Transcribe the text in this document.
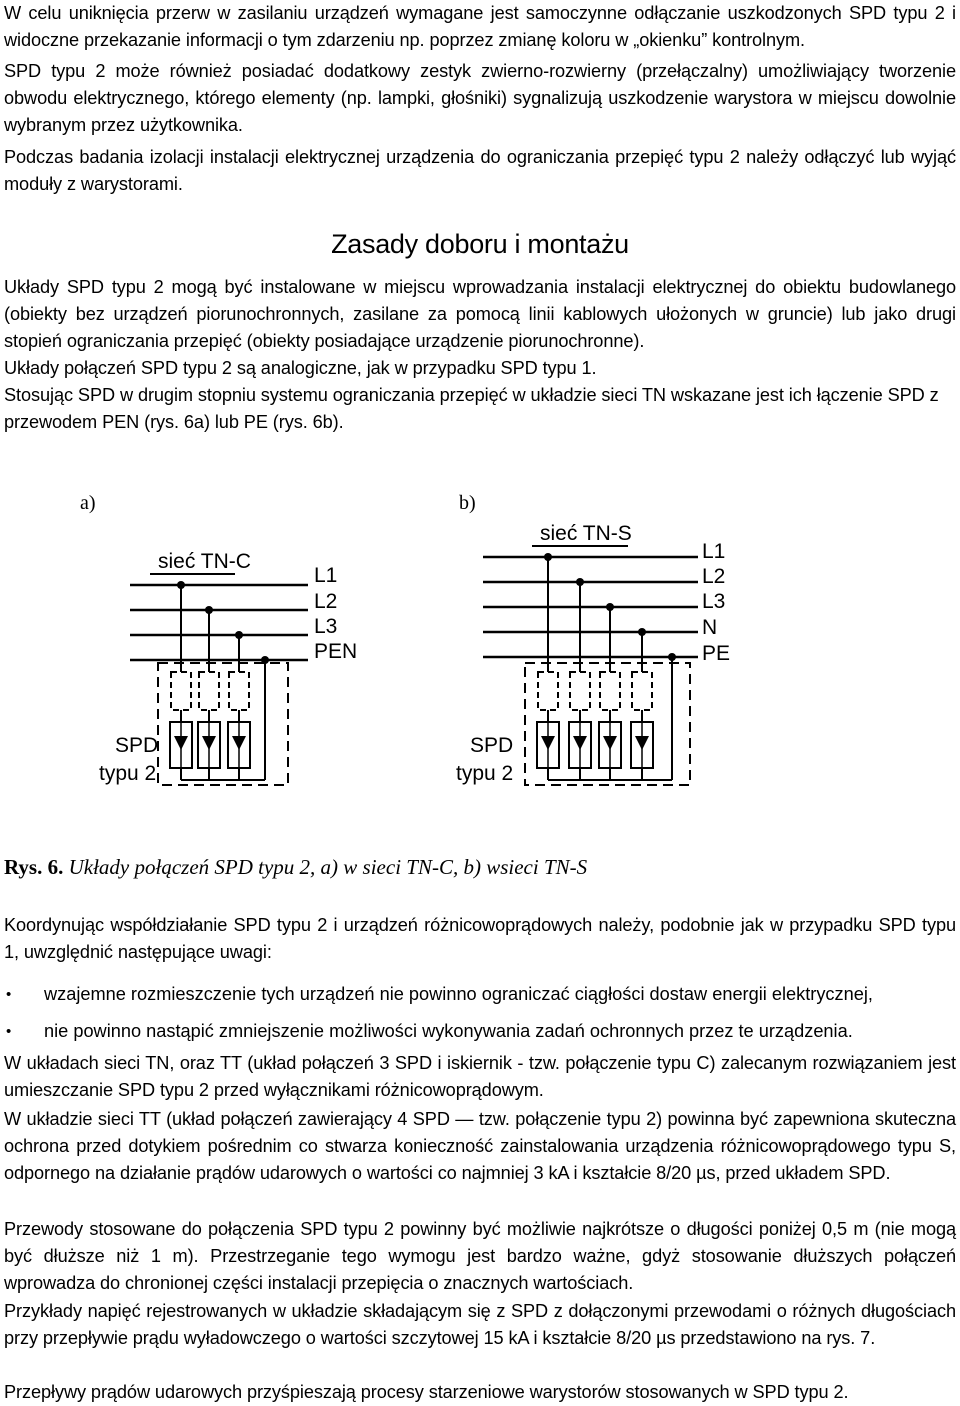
W celu uniknięcia przerw w zasilaniu urządzeń wymagane jest samoczynne odłączanie uszkodzonych SPD typu 2 i widoczne przekazanie informacji o tym zdarzeniu np. poprzez zmianę koloru w „okienku” kontrolnym.
SPD typu 2 może również posiadać dodatkowy zestyk zwierno-rozwierny (przełączalny) umożliwiający tworzenie obwodu elektrycznego, którego elementy (np. lampki, głośniki) sygnalizują uszkodzenie warystora w miejscu dowolnie wybranym przez użytkownika.
Podczas badania izolacji instalacji elektrycznej urządzenia do ograniczania przepięć typu 2 należy odłączyć lub wyjąć moduły z warystorami.
Zasady doboru i montażu
Układy SPD typu 2 mogą być instalowane w miejscu wprowadzania instalacji elektrycznej do obiektu budowlanego (obiekty bez urządzeń piorunochronnych, zasilane za pomocą linii kablowych ułożonych w gruncie) lub jako drugi stopień ograniczania przepięć (obiekty posiadające urządzenie piorunochronne).
Układy połączeń SPD typu 2 są analogiczne, jak w przypadku SPD typu 1.
Stosując SPD w drugim stopniu systemu ograniczania przepięć w układzie sieci TN wskazane jest ich łączenie SPD z przewodem PEN (rys. 6a) lub PE (rys. 6b).
a)	b)
sieć TN-C
L1
L2
L3
PEN
SPD
typu 2
sieć TN-S
L1
L2
L3
N
PE
SPD
typu 2
Rys. 6. Układy połączeń SPD typu 2, a) w sieci TN-C, b) wsieci TN-S
Koordynując współdziałanie SPD typu 2 i urządzeń różnicowoprądowych należy, podobnie jak w przypadku SPD typu 1, uwzględnić następujące uwagi:
• wzajemne rozmieszczenie tych urządzeń nie powinno ograniczać ciągłości dostaw energii elektrycznej,
• nie powinno nastąpić zmniejszenie możliwości wykonywania zadań ochronnych przez te urządzenia.
W układach sieci TN, oraz TT (układ połączeń 3 SPD i iskiernik - tzw. połączenie typu C) zalecanym rozwiązaniem jest umieszczanie SPD typu 2 przed wyłącznikami różnicowoprądowym.
W układzie sieci TT (układ połączeń zawierający 4 SPD — tzw. połączenie typu 2) powinna być zapewniona skuteczna ochrona przed dotykiem pośrednim co stwarza konieczność zainstalowania urządzenia różnicowoprądowego typu S, odpornego na działanie prądów udarowych o wartości co najmniej 3 kA i kształcie 8/20 µs, przed układem SPD.
Przewody stosowane do połączenia SPD typu 2 powinny być możliwie najkrótsze o długości poniżej 0,5 m (nie mogą być dłuższe niż 1 m). Przestrzeganie tego wymogu jest bardzo ważne, gdyż stosowanie dłuższych połączeń wprowadza do chronionej części instalacji przepięcia o znacznych wartościach.
Przykłady napięć rejestrowanych w układzie składającym się z SPD z dołączonymi przewodami o różnych długościach przy przepływie prądu wyładowczego o wartości szczytowej 15 kA i kształcie 8/20 µs przedstawiono na rys. 7.
Przepływy prądów udarowych przyśpieszają procesy starzeniowe warystorów stosowanych w SPD typu 2.
